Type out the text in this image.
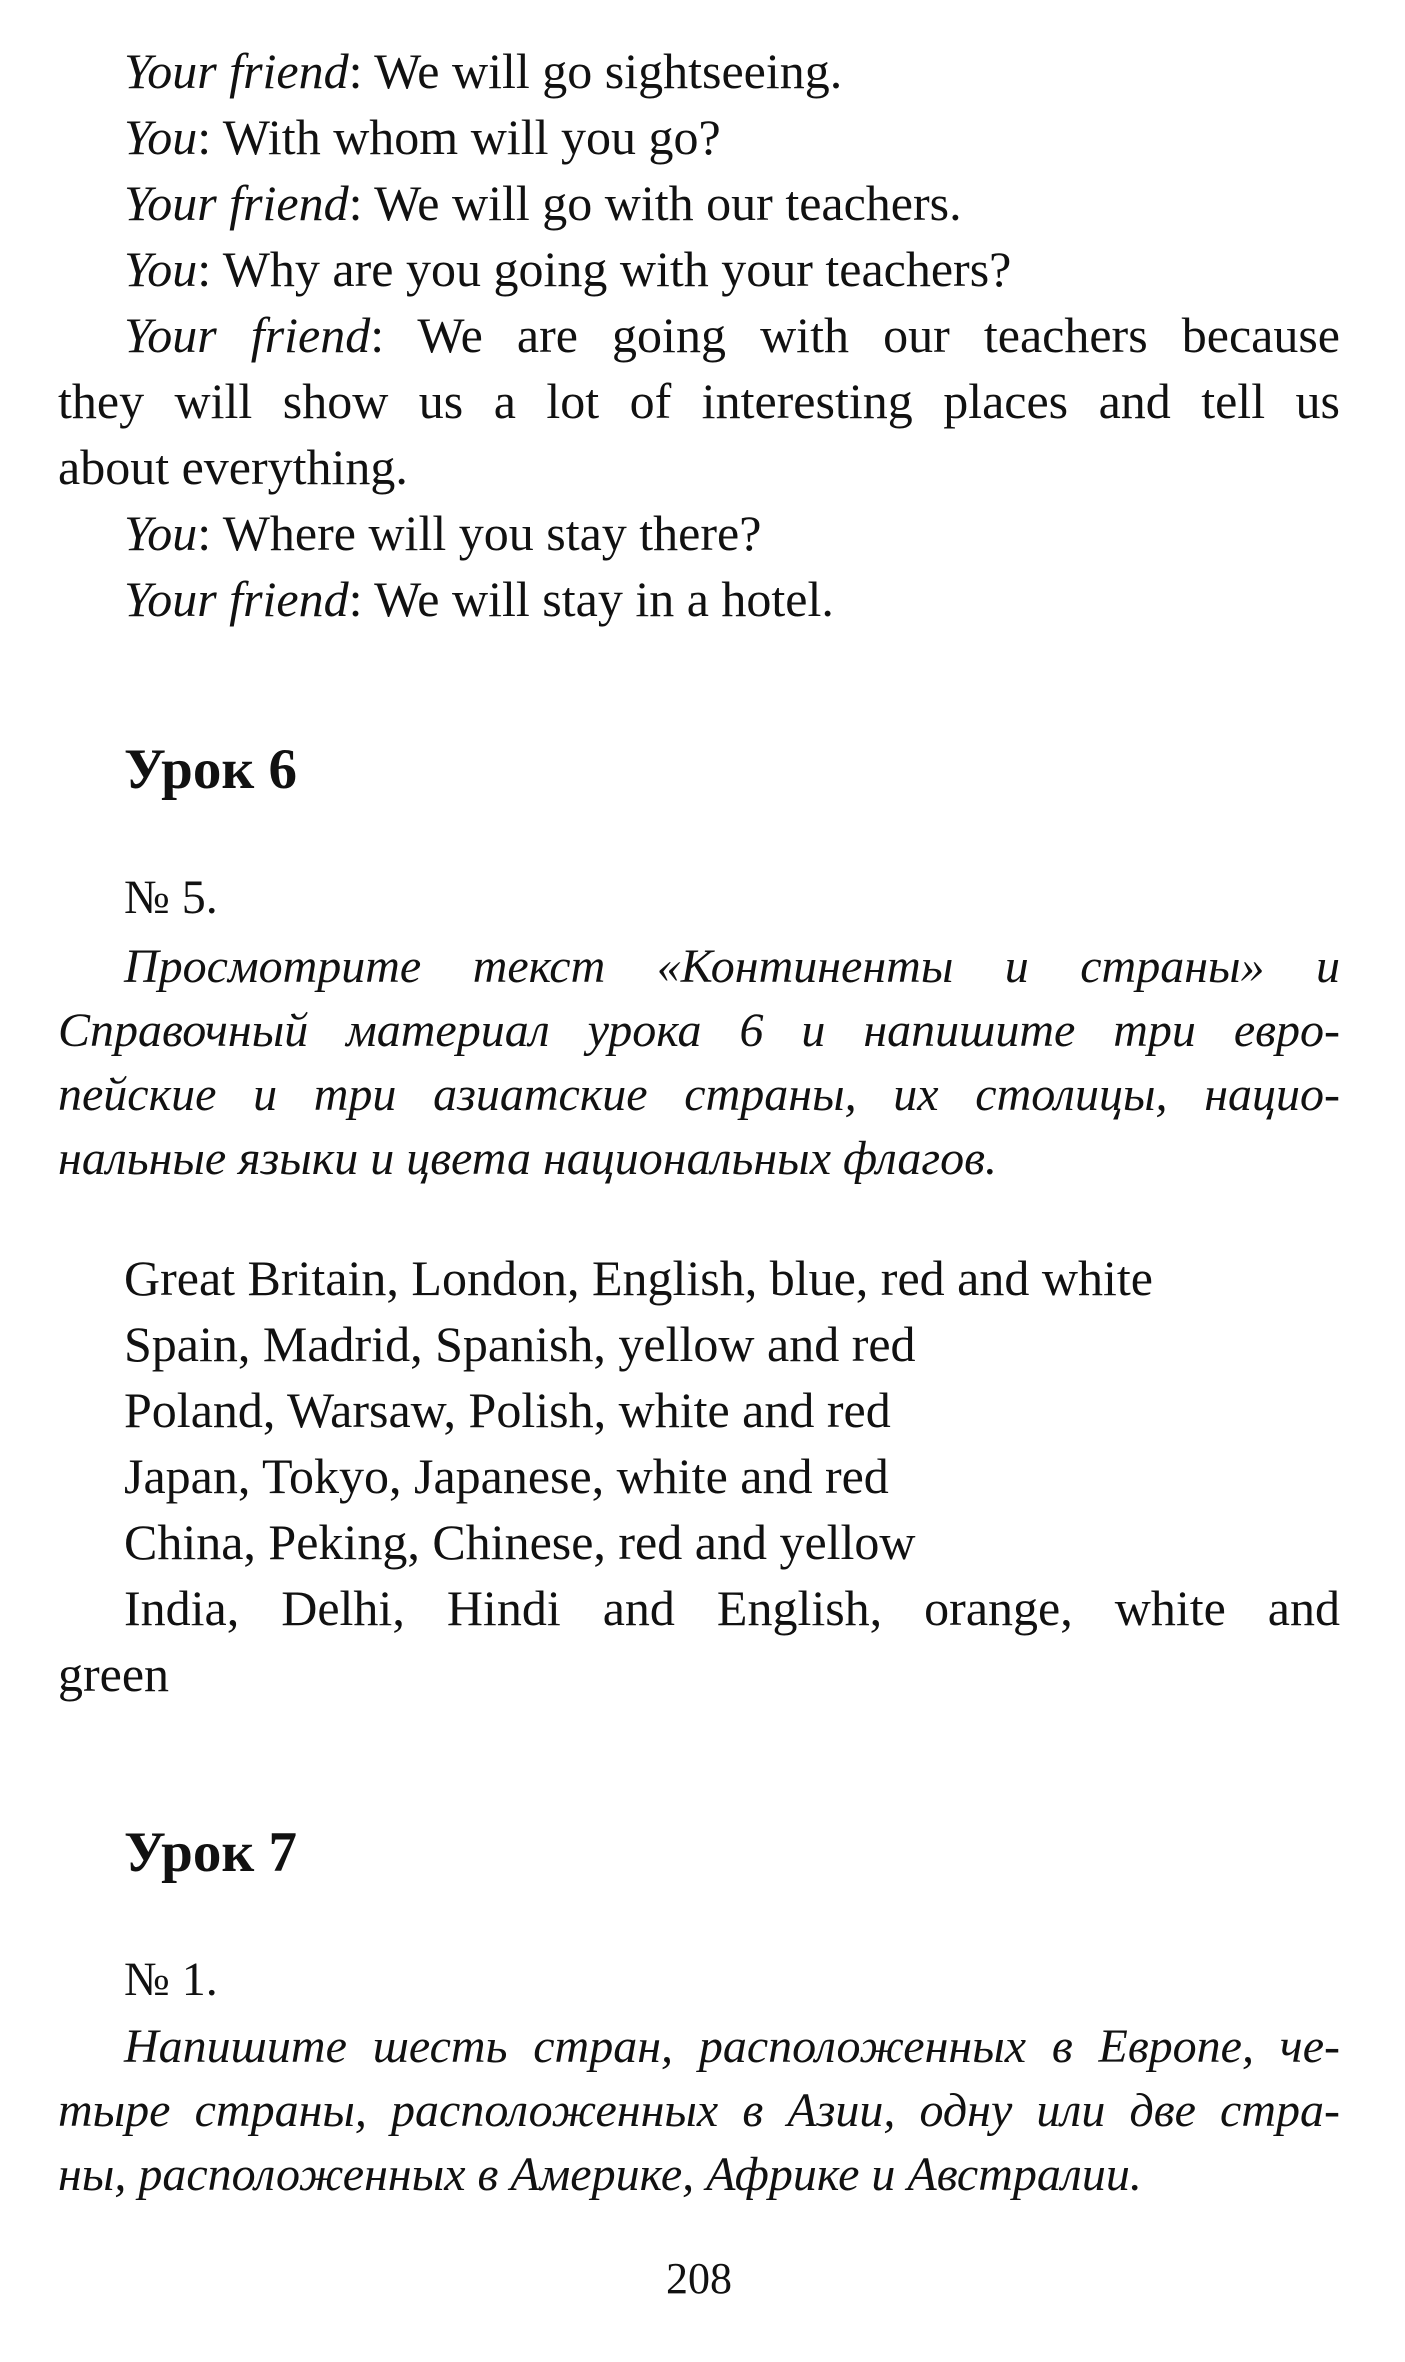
Your friend: We will go sightseeing.
You: With whom will you go?
Your friend: We will go with our teachers.
You: Why are you going with your teachers?
Your friend: We are going with our teachers because
they will show us a lot of interesting places and tell us
about everything.
You: Where will you stay there?
Your friend: We will stay in a hotel.
Урок 6
№ 5.
Просмотрите текст «Континенты и страны» и
Справочный материал урока 6 и напишите три евро-
пейские и три азиатские страны, их столицы, нацио-
нальные языки и цвета национальных флагов.
Great Britain, London, English, blue, red and white
Spain, Madrid, Spanish, yellow and red
Poland, Warsaw, Polish, white and red
Japan, Tokyo, Japanese, white and red
China, Peking, Chinese, red and yellow
India, Delhi, Hindi and English, orange, white and
green
Урок 7
№ 1.
Напишите шесть стран, расположенных в Европе, че-
тыре страны, расположенных в Азии, одну или две стра-
ны, расположенных в Америке, Африке и Австралии.
208
